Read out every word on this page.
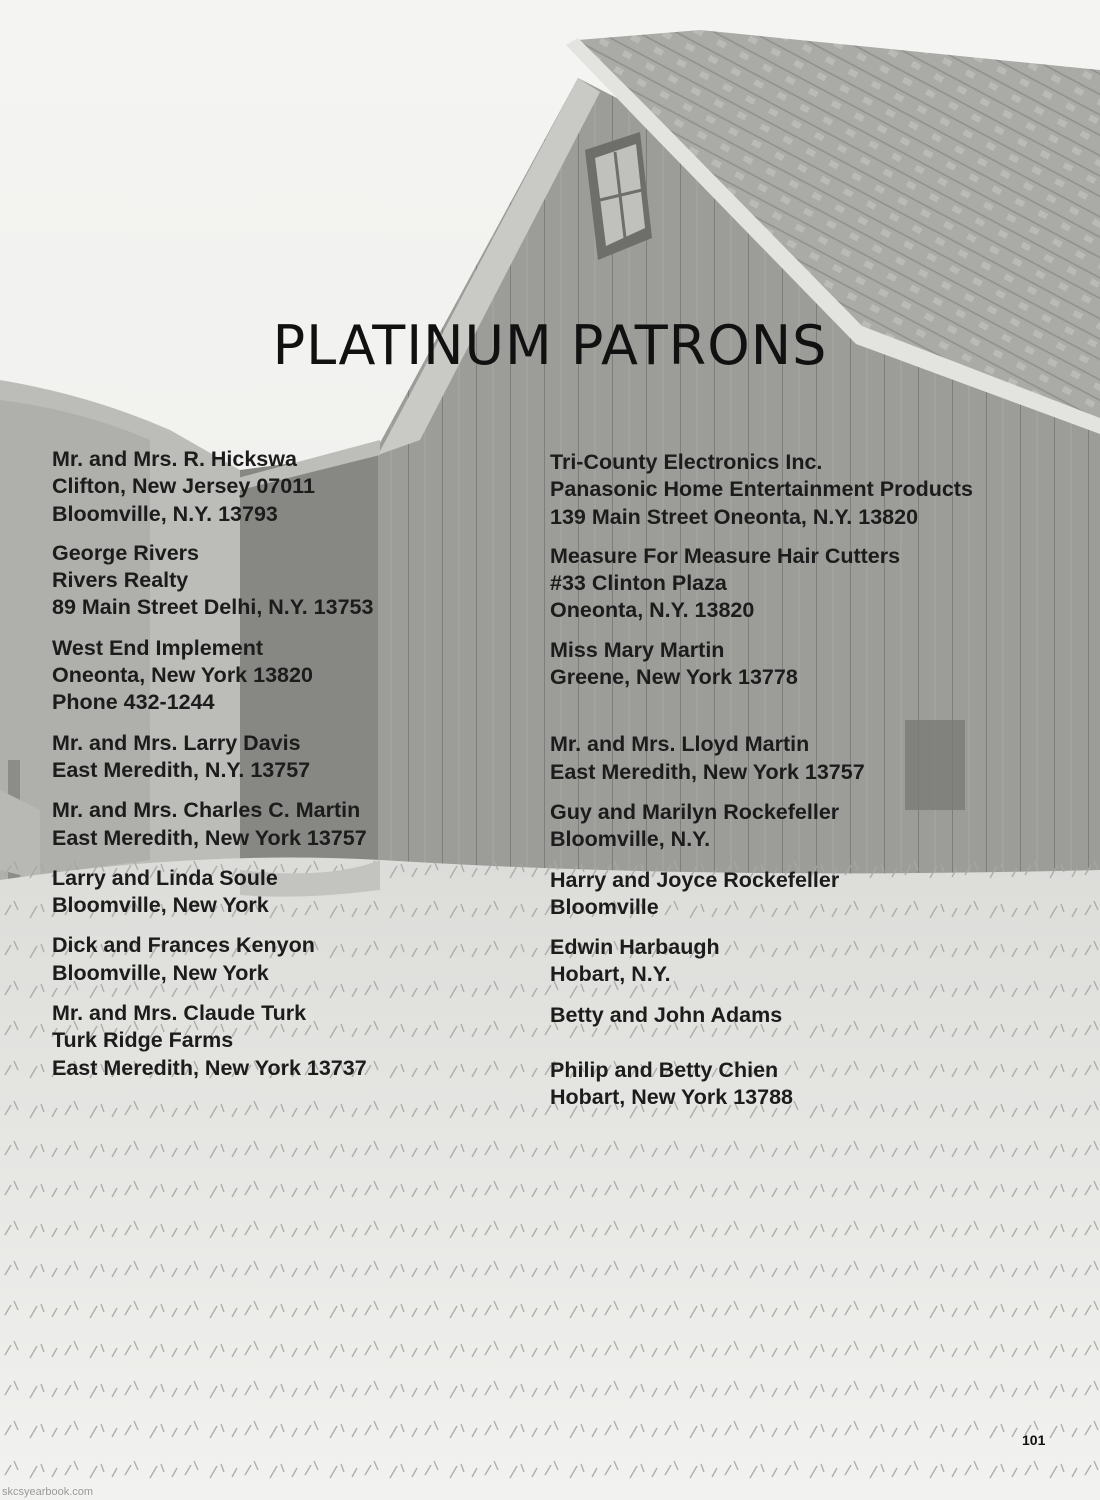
PLATINUM PATRONS
Mr. and Mrs. R. Hickswa
Clifton, New Jersey 07011
Bloomville, N.Y. 13793
George Rivers
Rivers Realty
89 Main Street Delhi, N.Y. 13753
West End Implement
Oneonta, New York 13820
Phone 432-1244
Mr. and Mrs. Larry Davis
East Meredith, N.Y. 13757
Mr. and Mrs. Charles C. Martin
East Meredith, New York 13757
Larry and Linda Soule
Bloomville, New York
Dick and Frances Kenyon
Bloomville, New York
Mr. and Mrs. Claude Turk
Turk Ridge Farms
East Meredith, New York 13737
Tri-County Electronics Inc.
Panasonic Home Entertainment Products
139 Main Street Oneonta, N.Y. 13820
Measure For Measure Hair Cutters
#33 Clinton Plaza
Oneonta, N.Y. 13820
Miss Mary Martin
Greene, New York 13778
Mr. and Mrs. Lloyd Martin
East Meredith, New York 13757
Guy and Marilyn Rockefeller
Bloomville, N.Y.
Harry and Joyce Rockefeller
Bloomville
Edwin Harbaugh
Hobart, N.Y.
Betty and John Adams
Philip and Betty Chien
Hobart, New York 13788
101
skcsyearbook.com
